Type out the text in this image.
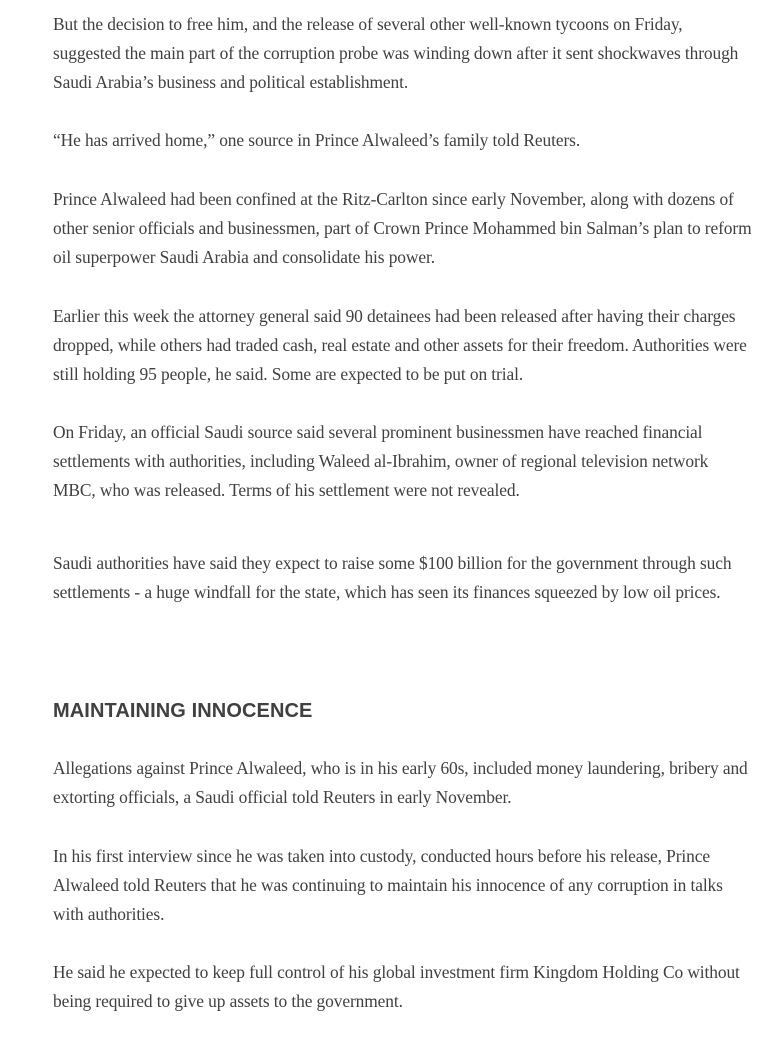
But the decision to free him, and the release of several other well-known tycoons on Friday, suggested the main part of the corruption probe was winding down after it sent shockwaves through Saudi Arabia’s business and political establishment.

“He has arrived home,” one source in Prince Alwaleed’s family told Reuters.

Prince Alwaleed had been confined at the Ritz-Carlton since early November, along with dozens of other senior officials and businessmen, part of Crown Prince Mohammed bin Salman’s plan to reform oil superpower Saudi Arabia and consolidate his power.

Earlier this week the attorney general said 90 detainees had been released after having their charges dropped, while others had traded cash, real estate and other assets for their freedom. Authorities were still holding 95 people, he said. Some are expected to be put on trial.

On Friday, an official Saudi source said several prominent businessmen have reached financial settlements with authorities, including Waleed al-Ibrahim, owner of regional television network MBC, who was released. Terms of his settlement were not revealed.

Saudi authorities have said they expect to raise some $100 billion for the government through such settlements - a huge windfall for the state, which has seen its finances squeezed by low oil prices.

MAINTAINING INNOCENCE

Allegations against Prince Alwaleed, who is in his early 60s, included money laundering, bribery and extorting officials, a Saudi official told Reuters in early November.

In his first interview since he was taken into custody, conducted hours before his release, Prince Alwaleed told Reuters that he was continuing to maintain his innocence of any corruption in talks with authorities.

He said he expected to keep full control of his global investment firm Kingdom Holding Co without being required to give up assets to the government.
